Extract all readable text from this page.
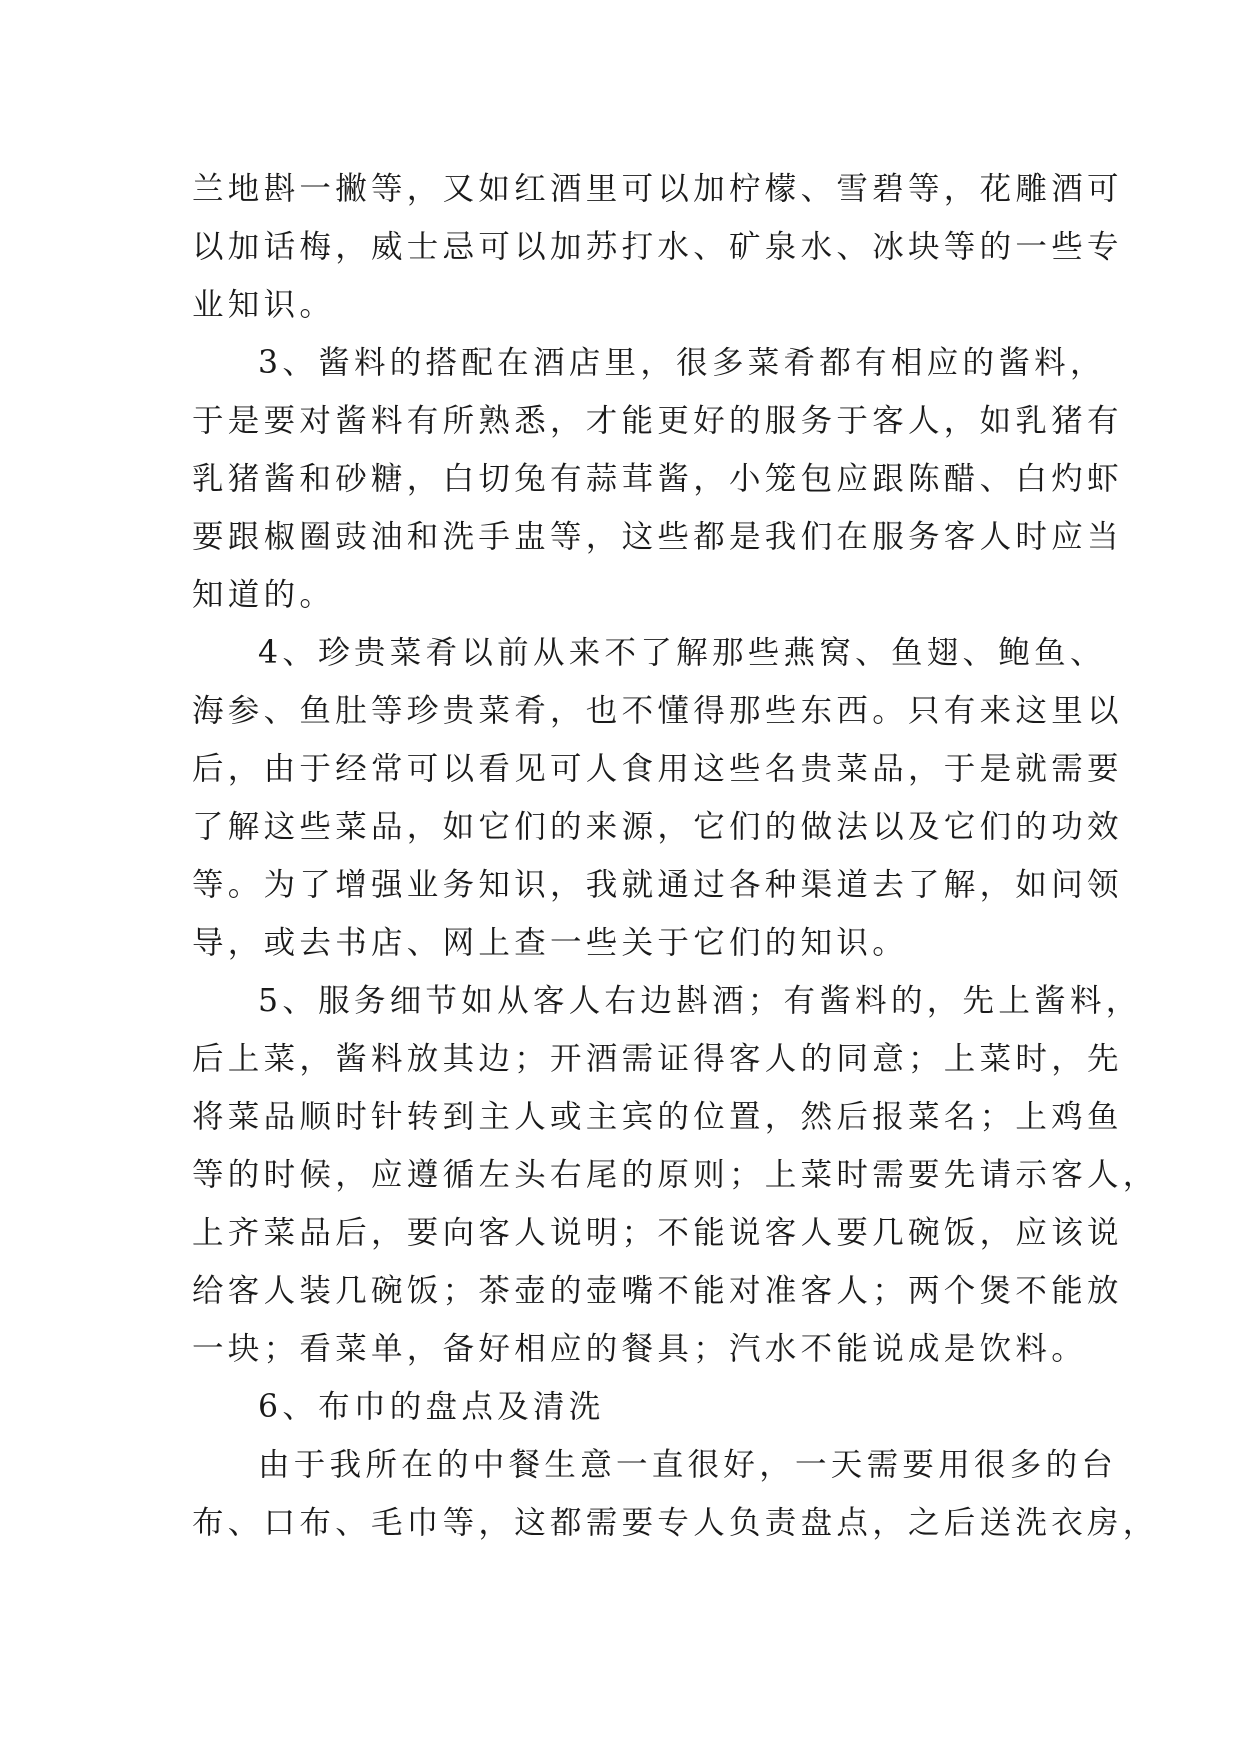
兰地斟一撇等，又如红酒里可以加柠檬、雪碧等，花雕酒可
以加话梅，威士忌可以加苏打水、矿泉水、冰块等的一些专
业知识。
3、酱料的搭配在酒店里，很多菜肴都有相应的酱料，
于是要对酱料有所熟悉，才能更好的服务于客人，如乳猪有
乳猪酱和砂糖，白切兔有蒜茸酱，小笼包应跟陈醋、白灼虾
要跟椒圈豉油和洗手盅等，这些都是我们在服务客人时应当
知道的。
4、珍贵菜肴以前从来不了解那些燕窝、鱼翅、鲍鱼、
海参、鱼肚等珍贵菜肴，也不懂得那些东西。只有来这里以
后，由于经常可以看见可人食用这些名贵菜品，于是就需要
了解这些菜品，如它们的来源，它们的做法以及它们的功效
等。为了增强业务知识，我就通过各种渠道去了解，如问领
导，或去书店、网上查一些关于它们的知识。
5、服务细节如从客人右边斟酒；有酱料的，先上酱料，
后上菜，酱料放其边；开酒需证得客人的同意；上菜时，先
将菜品顺时针转到主人或主宾的位置，然后报菜名；上鸡鱼
等的时候，应遵循左头右尾的原则；上菜时需要先请示客人，
上齐菜品后，要向客人说明；不能说客人要几碗饭，应该说
给客人装几碗饭；茶壶的壶嘴不能对准客人；两个煲不能放
一块；看菜单，备好相应的餐具；汽水不能说成是饮料。
6、布巾的盘点及清洗
由于我所在的中餐生意一直很好，一天需要用很多的台
布、口布、毛巾等，这都需要专人负责盘点，之后送洗衣房，
